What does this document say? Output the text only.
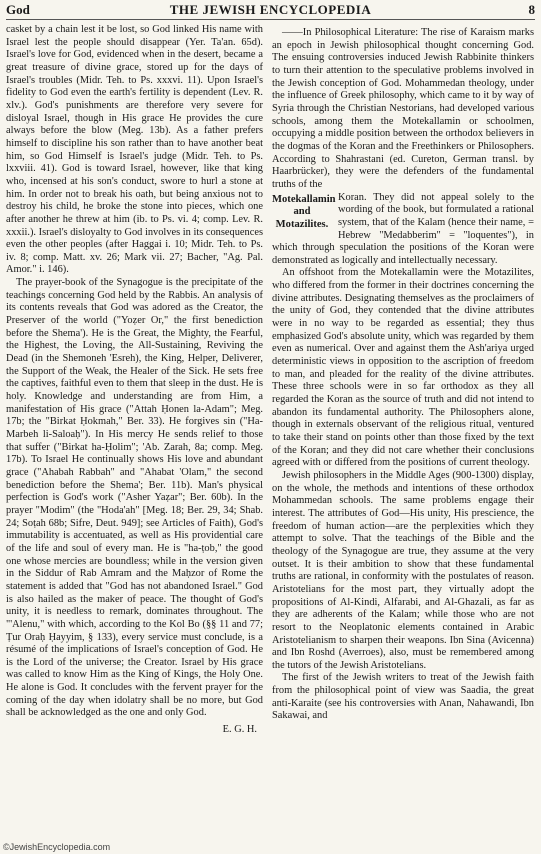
God	THE JEWISH ENCYCLOPEDIA	8

casket by a chain lest it be lost, so God linked His name with Israel lest the people should disappear (Yer. Ta'an. 65d). Israel's love for God, evidenced when in the desert, became a great treasure of divine grace, stored up for the days of Israel's troubles (Midr. Teh. to Ps. xxxvi. 11). Upon Israel's fidelity to God even the earth's fertility is dependent (Lev. R. xlv.). God's punishments are therefore very severe for disloyal Israel, though in His grace He provides the cure always before the blow (Meg. 13b). As a father prefers himself to discipline his son rather than to have another beat him, so God Himself is Israel's judge (Midr. Teh. to Ps. lxxviii. 41). God is toward Israel, however, like that king who, incensed at his son's conduct, swore to hurl a stone at him. In order not to break his oath, but being anxious not to destroy his child, he broke the stone into pieces, which one after another he threw at him (ib. to Ps. vi. 4; comp. Lev. R. xxxii.). Israel's disloyalty to God involves in its consequences even the other peoples (after Haggai i. 10; Midr. Teh. to Ps. iv. 8; comp. Matt. xv. 26; Mark vii. 27; Bacher, "Ag. Pal. Amor." i. 146).

The prayer-book of the Synagogue is the precipitate of the teachings concerning God held by the Rabbis. An analysis of its contents reveals that God was adored as the Creator, the Preserver of the world ("Yoẓer Or," the first benediction before the Shema'). He is the Great, the Mighty, the Fearful, the Highest, the Loving, the All-Sustaining, Reviving the Dead (in the Shemoneh 'Esreh), the King, Helper, Deliverer, the Support of the Weak, the Healer of the Sick. He sets free the captives, faithful even to them that sleep in the dust. He is holy. Knowledge and understanding are from Him, a manifestation of His grace ("Attah Ḥonen la-Adam"; Meg. 17b; the "Birkat Ḥokmah," Ber. 33). He forgives sin ("Ha-Marbeh li-Saloaḥ"). In His mercy He sends relief to those that suffer ("Birkat ha-Ḥolim"; 'Ab. Zarah, 8a; comp. Meg. 17b). To Israel He continually shows His love and abundant grace ("Ahabah Rabbah" and "Ahabat 'Olam," the second benediction before the Shema'; Ber. 11b). Man's physical perfection is God's work ("Asher Yaẓar"; Ber. 60b). In the prayer "Modim" (the "Hoda'ah" [Meg. 18; Ber. 29, 34; Shab. 24; Soṭah 68b; Sifre, Deut. 949]; see Articles of Faith), God's immutability is accentuated, as well as His providential care of the life and soul of every man. He is "ha-ṭob," the good one whose mercies are boundless; while in the version given in the Siddur of Rab Amram and the Maḥzor of Rome the statement is added that "God has not abandoned Israel." God is also hailed as the maker of peace. The thought of God's unity, it is needless to remark, dominates throughout. The "'Alenu," with which, according to the Kol Bo (§§ 11 and 77; Ṭur Oraḥ Ḥayyim, § 133), every service must conclude, is a résumé of the implications of Israel's conception of God. He is the Lord of the universe; the Creator. Israel by His grace was called to know Him as the King of Kings, the Holy One. He alone is God. It concludes with the fervent prayer for the coming of the day when idolatry shall be no more, but God shall be acknowledged as the one and only God.

E. G. H.

——In Philosophical Literature: The rise of Karaism marks an epoch in Jewish philosophical thought concerning God. The ensuing controversies induced Jewish Rabbinite thinkers to turn their attention to the speculative problems involved in the Jewish conception of God. Mohammedan theology, under the influence of Greek philosophy, which came to it by way of Syria through the Christian Nestorians, had developed various schools, among them the Motekallamin or schoolmen, occupying a middle position between the orthodox believers in the dogmas of the Koran and the Freethinkers or Philosophers. According to Shahrastani (ed. Cureton, German transl. by Haarbrücker), they were the defenders of the fundamental truths of the

Motekallamin and Motazilites.

Koran. They did not appeal solely to the wording of the book, but formulated a rational system, that of the Kalam (hence their name, = Hebrew "Medabberim" = "loquentes"), in which through speculation the positions of the Koran were demonstrated as logically and intellectually necessary.

An offshoot from the Motekallamin were the Motazilites, who differed from the former in their doctrines concerning the divine attributes. Designating themselves as the proclaimers of the unity of God, they contended that the divine attributes were in no way to be regarded as essential; they thus emphasized God's absolute unity, which was regarded by them even as numerical. Over and against them the Ash'ariya urged deterministic views in opposition to the ascription of freedom to man, and pleaded for the reality of the divine attributes. These three schools were in so far orthodox as they all regarded the Koran as the source of truth and did not intend to abandon its fundamental authority. The Philosophers alone, though in externals observant of the religious ritual, ventured to take their stand on points other than those fixed by the text of the Koran; and they did not care whether their conclusions agreed with or differed from the positions of current theology.

Jewish philosophers in the Middle Ages (900-1300) display, on the whole, the methods and intentions of these orthodox Mohammedan schools. The same problems engage their interest. The attributes of God—His unity, His prescience, the freedom of human action—are the perplexities which they attempt to solve. That the teachings of the Bible and the theology of the Synagogue are true, they assume at the very outset. It is their ambition to show that these fundamental truths are rational, in conformity with the postulates of reason. Aristotelians for the most part, they virtually adopt the propositions of Al-Kindi, Alfarabi, and Al-Ghazali, as far as they are adherents of the Kalam; while those who are not resort to the Neoplatonic elements contained in Arabic Aristotelianism to sharpen their weapons. Ibn Sina (Avicenna) and Ibn Roshd (Averroes), also, must be remembered among the tutors of the Jewish Aristotelians.

The first of the Jewish writers to treat of the Jewish faith from the philosophical point of view was Saadia, the great anti-Karaite (see his controversies with Anan, Nahawandi, Ibn Sakawai, and

©JewishEncyclopedia.com
